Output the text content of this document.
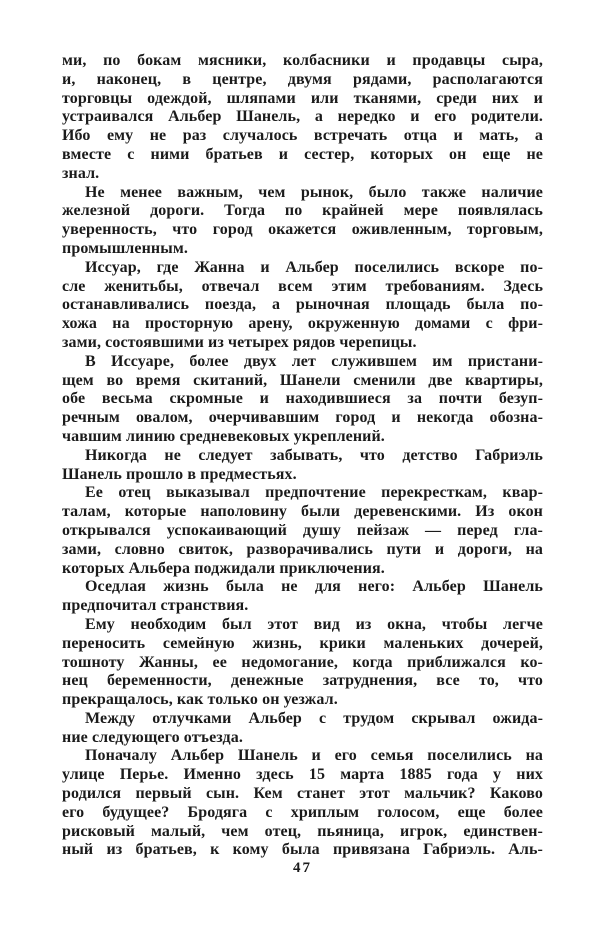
ми, по бокам мясники, колбасники и продавцы сыра,
и, наконец, в центре, двумя рядами, располагаются
торговцы одеждой, шляпами или тканями, среди них и
устраивался Альбер Шанель, а нередко и его родители.
Ибо ему не раз случалось встречать отца и мать, а
вместе с ними братьев и сестер, которых он еще не
знал.
Не менее важным, чем рынок, было также наличие
железной дороги. Тогда по крайней мере появлялась
уверенность, что город окажется оживленным, торговым,
промышленным.
Иссуар, где Жанна и Альбер поселились вскоре по-
сле женитьбы, отвечал всем этим требованиям. Здесь
останавливались поезда, а рыночная площадь была по-
хожа на просторную арену, окруженную домами с фри-
зами, состоявшими из четырех рядов черепицы.
В Иссуаре, более двух лет служившем им пристани-
щем во время скитаний, Шанели сменили две квартиры,
обе весьма скромные и находившиеся за почти безуп-
речным овалом, очерчивавшим город и некогда обозна-
чавшим линию средневековых укреплений.
Никогда не следует забывать, что детство Габриэль
Шанель прошло в предместьях.
Ее отец выказывал предпочтение перекресткам, квар-
талам, которые наполовину были деревенскими. Из окон
открывался успокаивающий душу пейзаж — перед гла-
зами, словно свиток, разворачивались пути и дороги, на
которых Альбера поджидали приключения.
Оседлая жизнь была не для него: Альбер Шанель
предпочитал странствия.
Ему необходим был этот вид из окна, чтобы легче
переносить семейную жизнь, крики маленьких дочерей,
тошноту Жанны, ее недомогание, когда приближался ко-
нец беременности, денежные затруднения, все то, что
прекращалось, как только он уезжал.
Между отлучками Альбер с трудом скрывал ожида-
ние следующего отъезда.
Поначалу Альбер Шанель и его семья поселились на
улице Перье. Именно здесь 15 марта 1885 года у них
родился первый сын. Кем станет этот мальчик? Каково
его будущее? Бродяга с хриплым голосом, еще более
рисковый малый, чем отец, пьяница, игрок, единствен-
ный из братьев, к кому была привязана Габриэль. Аль-
47
